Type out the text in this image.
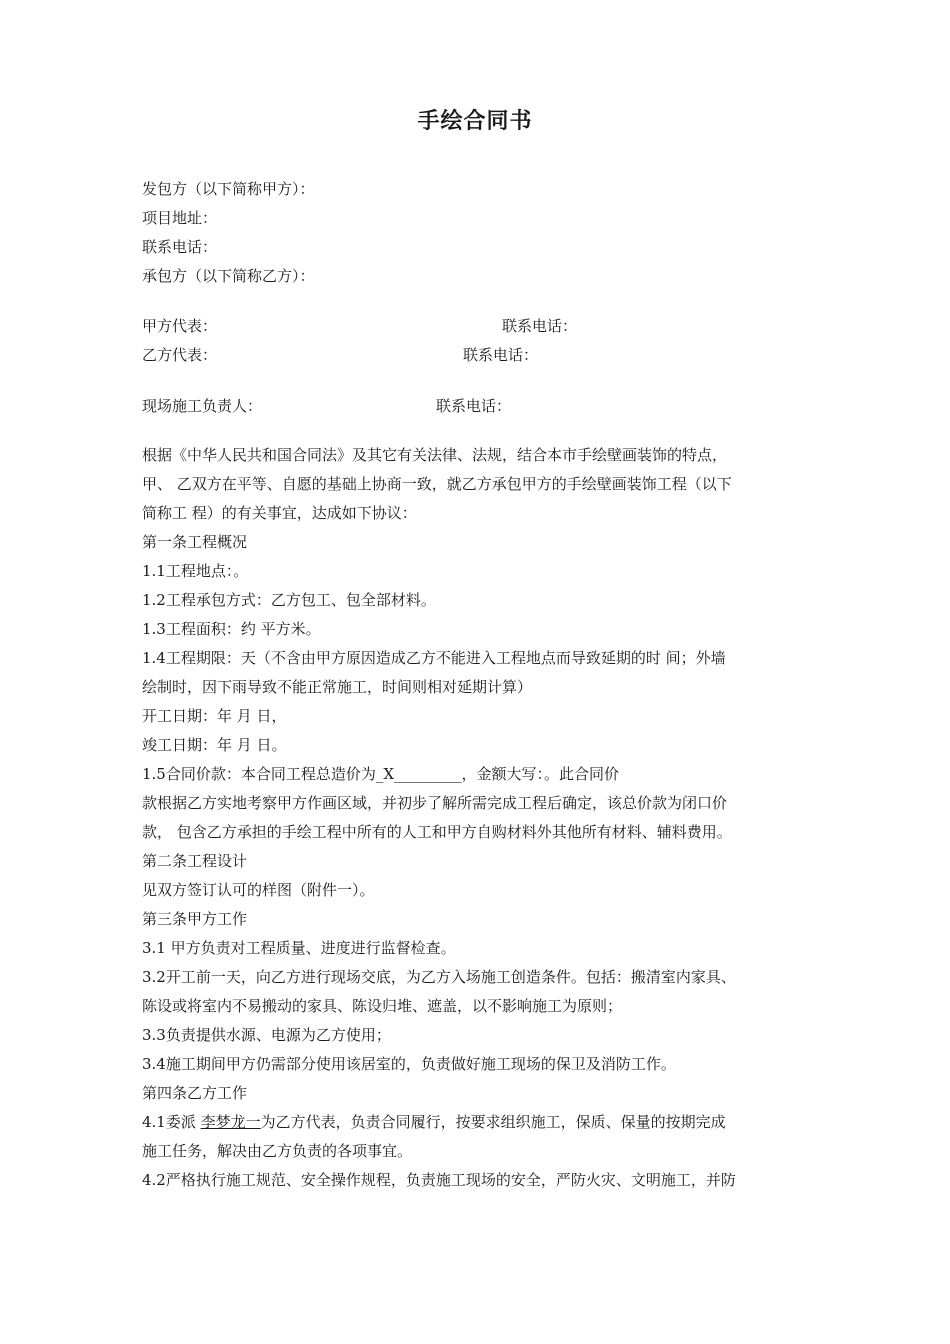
手绘合同书
发包方（以下简称甲方）：
项目地址：
联系电话：
承包方（以下简称乙方）：
甲方代表：	联系电话：
乙方代表：	联系电话：
现场施工负责人：	联系电话：
根据《中华人民共和国合同法》及其它有关法律、法规，结合本市手绘壁画装饰的特点，
甲、 乙双方在平等、自愿的基础上协商一致，就乙方承包甲方的手绘壁画装饰工程（以下
简称工 程）的有关事宜，达成如下协议：
第一条工程概况
1.1工程地点：。
1.2工程承包方式：乙方包工、包全部材料。
1.3工程面积：约 平方米。
1.4工程期限：天（不含由甲方原因造成乙方不能进入工程地点而导致延期的时 间；外墙
绘制时，因下雨导致不能正常施工，时间则相对延期计算）
开工日期：年 月 日，
竣工日期：年 月 日。
1.5合同价款：本合同工程总造价为_X_________，金额大写：。此合同价
款根据乙方实地考察甲方作画区域，并初步了解所需完成工程后确定，该总价款为闭口价
款， 包含乙方承担的手绘工程中所有的人工和甲方自购材料外其他所有材料、辅料费用。
第二条工程设计
见双方签订认可的样图（附件一）。
第三条甲方工作
3.1 甲方负责对工程质量、进度进行监督检查。
3.2开工前一天，向乙方进行现场交底，为乙方入场施工创造条件。包括：搬清室内家具、
陈设或将室内不易搬动的家具、陈设归堆、遮盖，以不影响施工为原则；
3.3负责提供水源、电源为乙方使用；
3.4施工期间甲方仍需部分使用该居室的，负责做好施工现场的保卫及消防工作。
第四条乙方工作
4.1委派 李梦龙一为乙方代表，负责合同履行，按要求组织施工，保质、保量的按期完成
施工任务，解决由乙方负责的各项事宜。
4.2严格执行施工规范、安全操作规程，负责施工现场的安全，严防火灾、文明施工，并防
